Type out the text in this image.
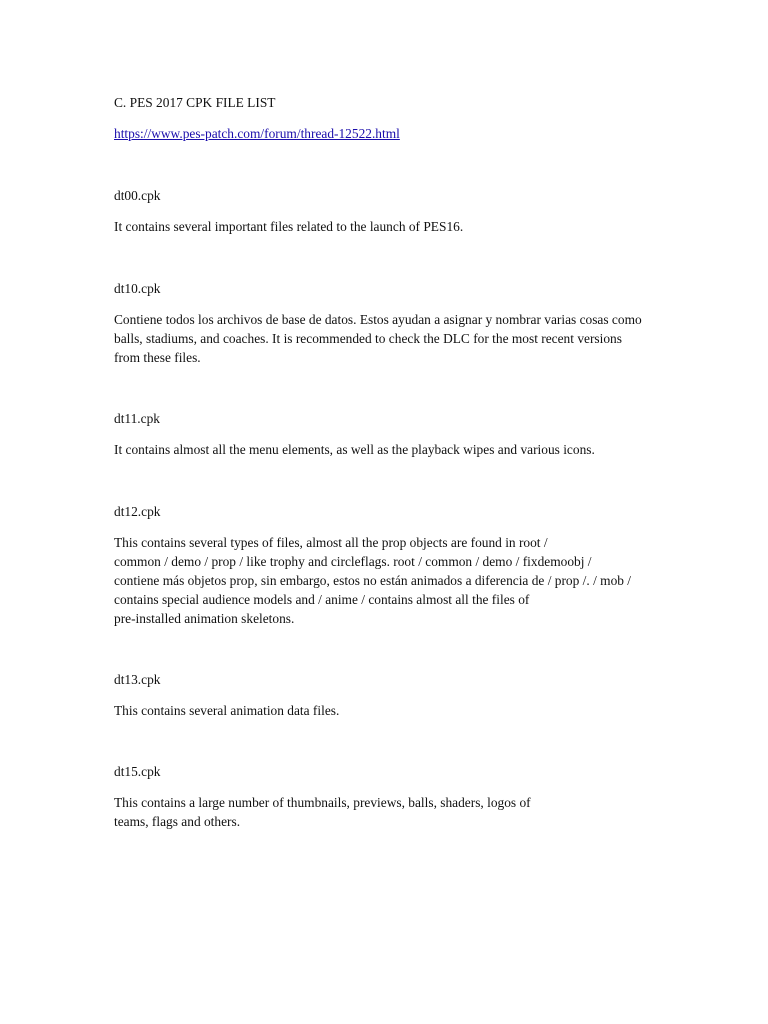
C. PES 2017 CPK FILE LIST
https://www.pes-patch.com/forum/thread-12522.html
dt00.cpk
It contains several important files related to the launch of PES16.
dt10.cpk
Contiene todos los archivos de base de datos. Estos ayudan a asignar y nombrar varias cosas como
balls, stadiums, and coaches. It is recommended to check the DLC for the most recent versions
from these files.
dt11.cpk
It contains almost all the menu elements, as well as the playback wipes and various icons.
dt12.cpk
This contains several types of files, almost all the prop objects are found in root /
common / demo / prop / like trophy and circleflags. root / common / demo / fixdemoobj /
contiene más objetos prop, sin embargo, estos no están animados a diferencia de / prop /. / mob /
contains special audience models and / anime / contains almost all the files of
pre-installed animation skeletons.
dt13.cpk
This contains several animation data files.
dt15.cpk
This contains a large number of thumbnails, previews, balls, shaders, logos of
teams, flags and others.
